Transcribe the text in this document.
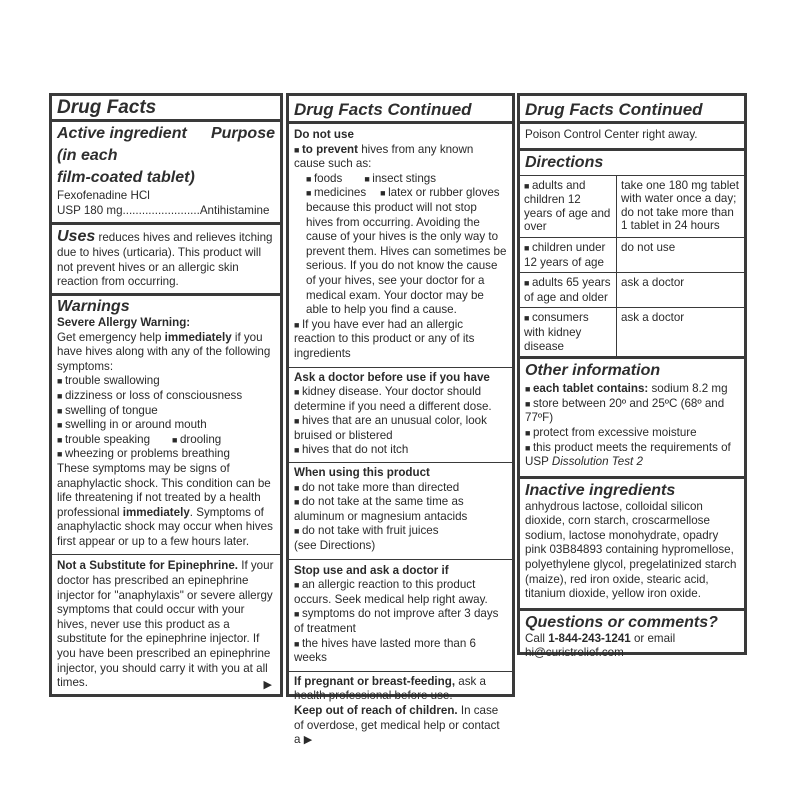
Drug Facts
Active ingredient	Purpose
(in each
film-coated tablet)
Fexofenadine HCl
USP 180 mg........................Antihistamine
Uses reduces hives and relieves itching due to hives (urticaria). This product will not prevent hives or an allergic skin reaction from occurring.
Warnings
Severe Allergy Warning:
Get emergency help immediately if you have hives along with any of the following symptoms:
■ trouble swallowing
■ dizziness or loss of consciousness
■ swelling of tongue
■ swelling in or around mouth
■ trouble speaking	■ drooling
■ wheezing or problems breathing
These symptoms may be signs of anaphylactic shock. This condition can be life threatening if not treated by a health professional immediately. Symptoms of anaphylactic shock may occur when hives first appear or up to a few hours later.
Not a Substitute for Epinephrine. If your doctor has prescribed an epinephrine injector for "anaphylaxis" or severe allergy symptoms that could occur with your hives, never use this product as a substitute for the epinephrine injector. If you have been prescribed an epinephrine injector, you should carry it with you at all times.	▶
Drug Facts Continued
Do not use
■ to prevent hives from any known cause such as:
■ foods	■ insect stings
■ medicines ■ latex or rubber gloves
because this product will not stop hives from occurring. Avoiding the cause of your hives is the only way to prevent them. Hives can sometimes be serious. If you do not know the cause of your hives, see your doctor for a medical exam. Your doctor may be able to help you find a cause.
■ If you have ever had an allergic reaction to this product or any of its ingredients
Ask a doctor before use if you have
■ kidney disease. Your doctor should determine if you need a different dose.
■ hives that are an unusual color, look bruised or blistered
■ hives that do not itch
When using this product
■ do not take more than directed
■ do not take at the same time as aluminum or magnesium antacids
■ do not take with fruit juices
(see Directions)
Stop use and ask a doctor if
■ an allergic reaction to this product occurs. Seek medical help right away.
■ symptoms do not improve after 3 days of treatment
■ the hives have lasted more than 6 weeks
If pregnant or breast-feeding, ask a health professional before use.
Keep out of reach of children. In case of overdose, get medical help or contact a ▶
Drug Facts Continued
Poison Control Center right away.
Directions
■ adults and children 12 years of age and over	take one 180 mg tablet with water once a day; do not take more than 1 tablet in 24 hours
■ children under 12 years of age	do not use
■ adults 65 years of age and older	ask a doctor
■ consumers with kidney disease	ask a doctor
Other information
■ each tablet contains: sodium 8.2 mg
■ store between 20º and 25ºC (68º and 77ºF)
■ protect from excessive moisture
■ this product meets the requirements of USP Dissolution Test 2
Inactive ingredients
anhydrous lactose, colloidal silicon dioxide, corn starch, croscarmellose sodium, lactose monohydrate, opadry pink 03B84893 containing hypromellose, polyethylene glycol, pregelatinized starch (maize), red iron oxide, stearic acid, titanium dioxide, yellow iron oxide.
Questions or comments?
Call 1-844-243-1241 or email
hi@curistrelief.com
